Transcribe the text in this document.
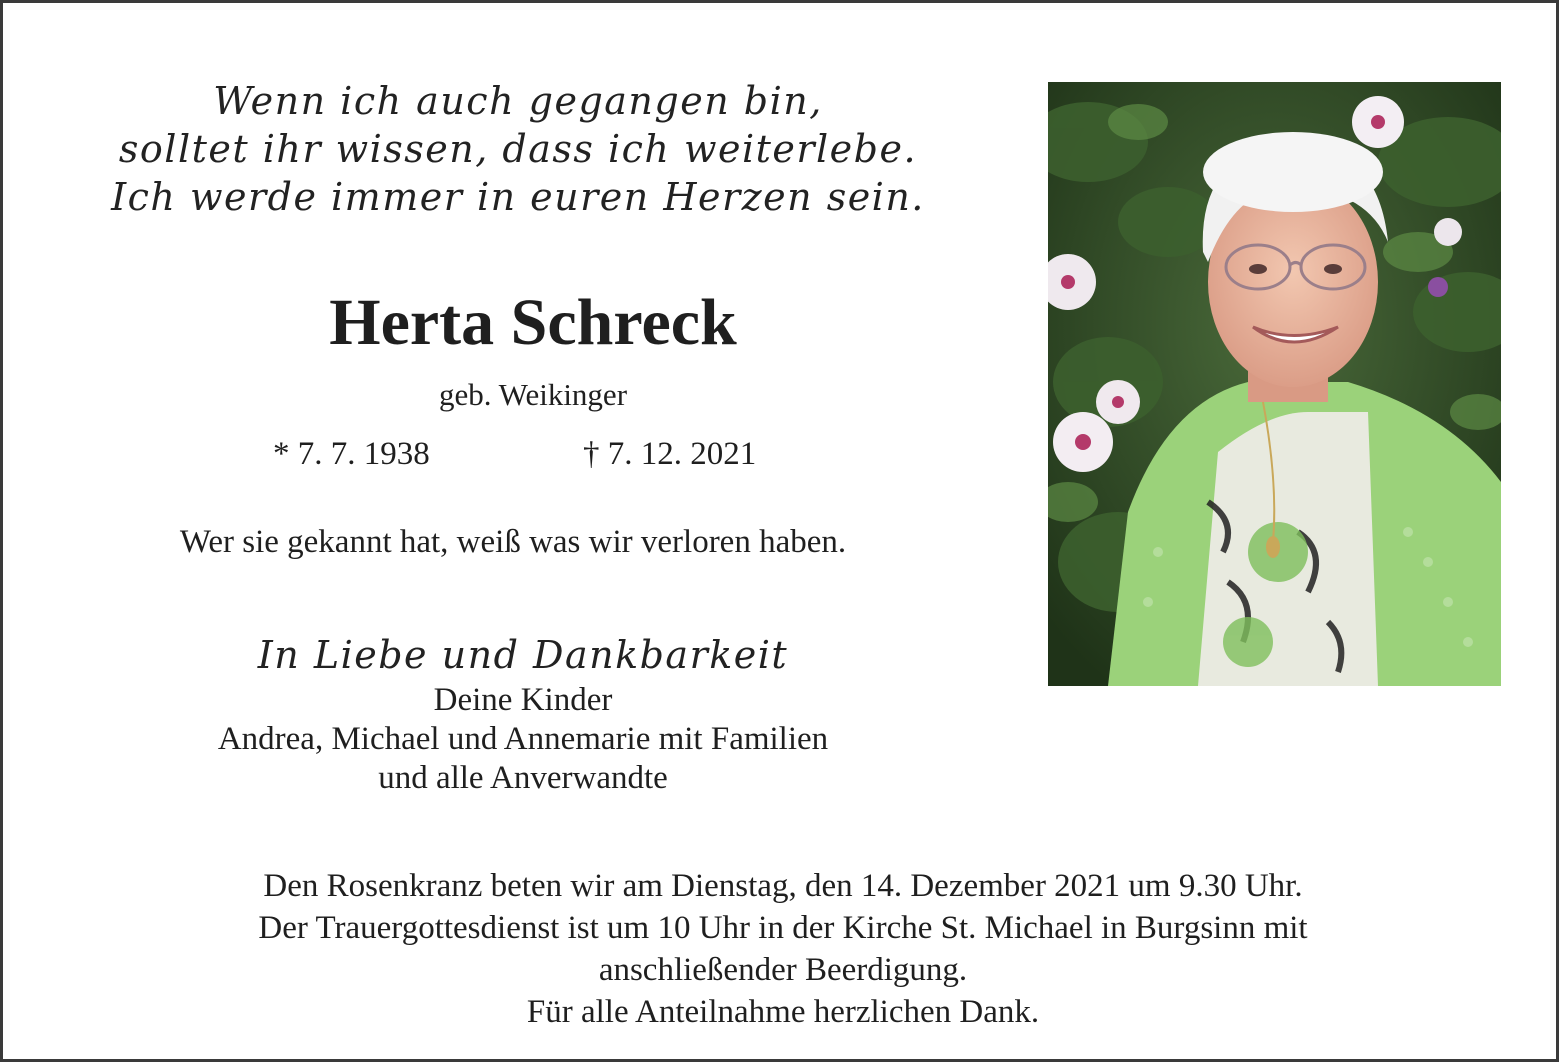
Wenn ich auch gegangen bin,
solltet ihr wissen, dass ich weiterlebe.
Ich werde immer in euren Herzen sein.
Herta Schreck
geb. Weikinger
* 7. 7. 1938	† 7. 12. 2021
Wer sie gekannt hat, weiß was wir verloren haben.
In Liebe und Dankbarkeit
Deine Kinder
Andrea, Michael und Annemarie mit Familien
und alle Anverwandte
Den Rosenkranz beten wir am Dienstag, den 14. Dezember 2021 um 9.30 Uhr.
Der Trauergottesdienst ist um 10 Uhr in der Kirche St. Michael in Burgsinn mit
anschließender Beerdigung.
Für alle Anteilnahme herzlichen Dank.
